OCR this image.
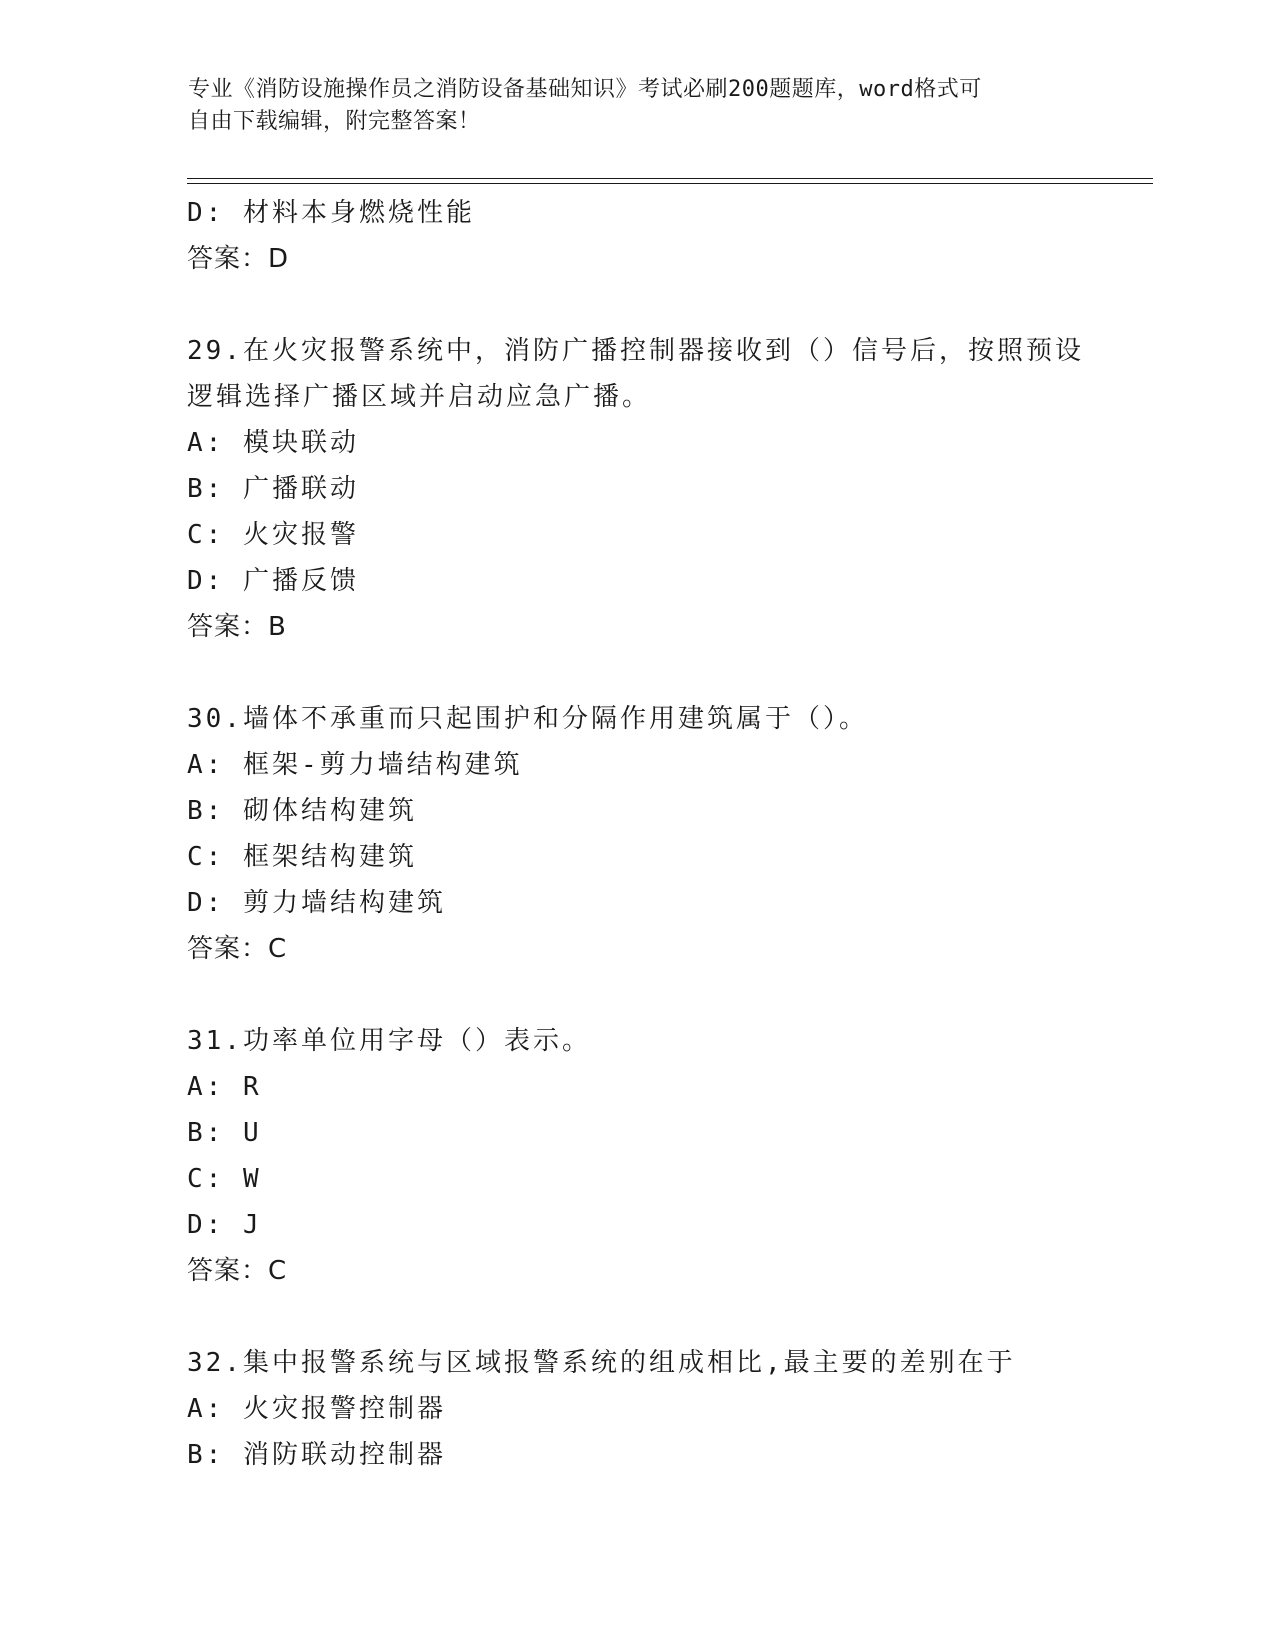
专业《消防设施操作员之消防设备基础知识》考试必刷200题题库，word格式可
自由下载编辑，附完整答案！
D: 材料本身燃烧性能
答案：D
29.在火灾报警系统中，消防广播控制器接收到（）信号后，按照预设
逻辑选择广播区域并启动应急广播。
A: 模块联动
B: 广播联动
C: 火灾报警
D: 广播反馈
答案：B
30.墙体不承重而只起围护和分隔作用建筑属于（）。
A: 框架-剪力墙结构建筑
B: 砌体结构建筑
C: 框架结构建筑
D: 剪力墙结构建筑
答案：C
31.功率单位用字母（）表示。
A: R
B: U
C: W
D: J
答案：C
32.集中报警系统与区域报警系统的组成相比,最主要的差别在于
A: 火灾报警控制器
B: 消防联动控制器
